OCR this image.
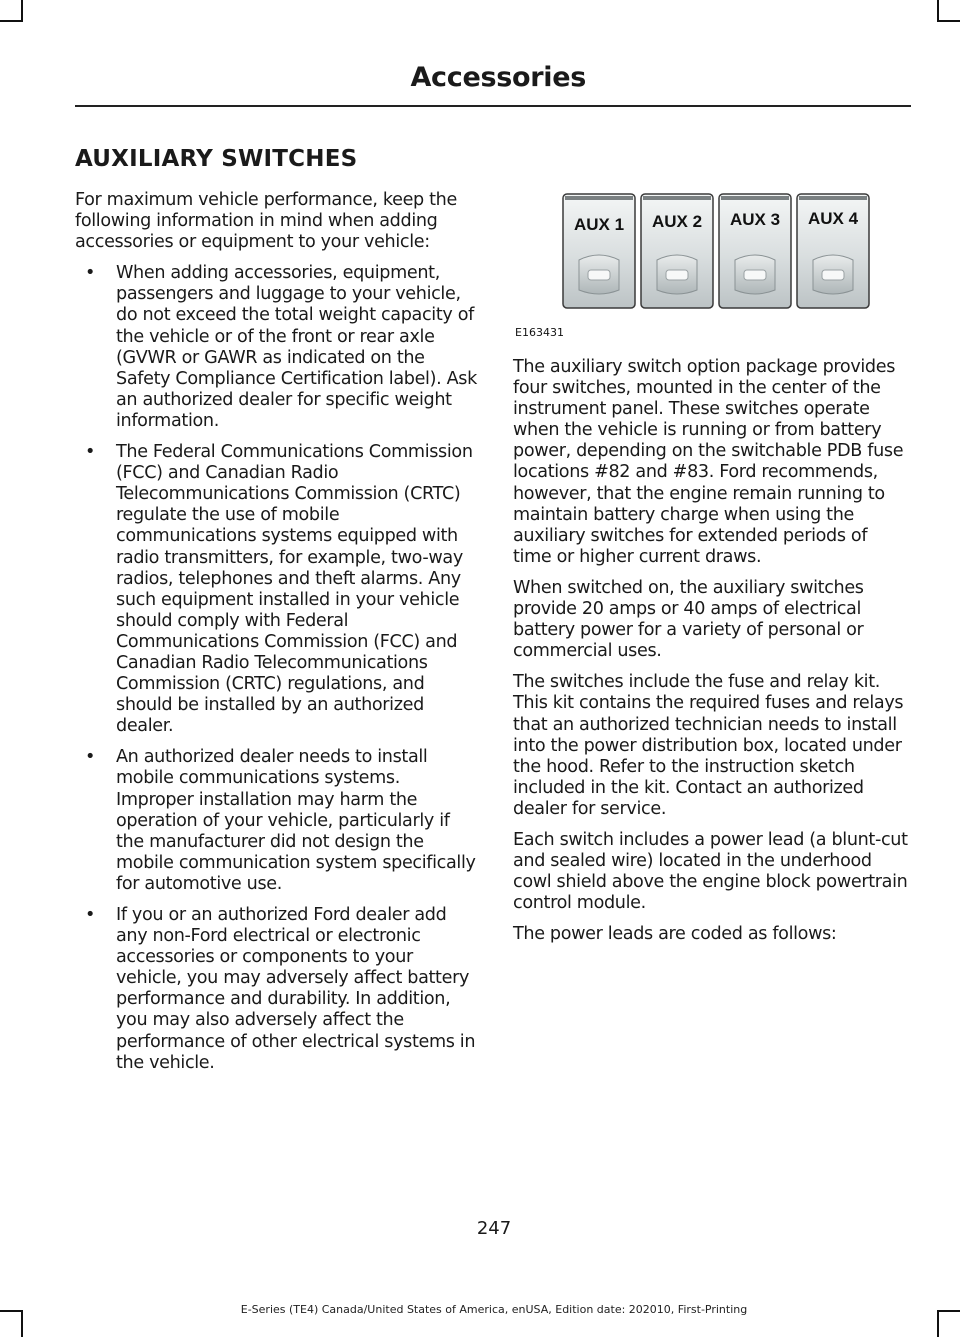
Accessories
AUXILIARY SWITCHES

For maximum vehicle performance, keep the following information in mind when adding accessories or equipment to your vehicle:

• When adding accessories, equipment, passengers and luggage to your vehicle, do not exceed the total weight capacity of the vehicle or of the front or rear axle (GVWR or GAWR as indicated on the Safety Compliance Certification label). Ask an authorized dealer for specific weight information.
• The Federal Communications Commission (FCC) and Canadian Radio Telecommunications Commission (CRTC) regulate the use of mobile communications systems equipped with radio transmitters, for example, two-way radios, telephones and theft alarms. Any such equipment installed in your vehicle should comply with Federal Communications Commission (FCC) and Canadian Radio Telecommunications Commission (CRTC) regulations, and should be installed by an authorized dealer.
• An authorized dealer needs to install mobile communications systems. Improper installation may harm the operation of your vehicle, particularly if the manufacturer did not design the mobile communication system specifically for automotive use.
• If you or an authorized Ford dealer add any non-Ford electrical or electronic accessories or components to your vehicle, you may adversely affect battery performance and durability. In addition, you may also adversely affect the performance of other electrical systems in the vehicle.
AUX 1 AUX 2 AUX 3 AUX 4
E163431

The auxiliary switch option package provides four switches, mounted in the center of the instrument panel. These switches operate when the vehicle is running or from battery power, depending on the switchable PDB fuse locations #82 and #83. Ford recommends, however, that the engine remain running to maintain battery charge when using the auxiliary switches for extended periods of time or higher current draws.

When switched on, the auxiliary switches provide 20 amps or 40 amps of electrical battery power for a variety of personal or commercial uses.

The switches include the fuse and relay kit. This kit contains the required fuses and relays that an authorized technician needs to install into the power distribution box, located under the hood. Refer to the instruction sketch included in the kit. Contact an authorized dealer for service.

Each switch includes a power lead (a blunt-cut and sealed wire) located in the underhood cowl shield above the engine block powertrain control module.

The power leads are coded as follows:

247
E-Series (TE4) Canada/United States of America, enUSA, Edition date: 202010, First-Printing
